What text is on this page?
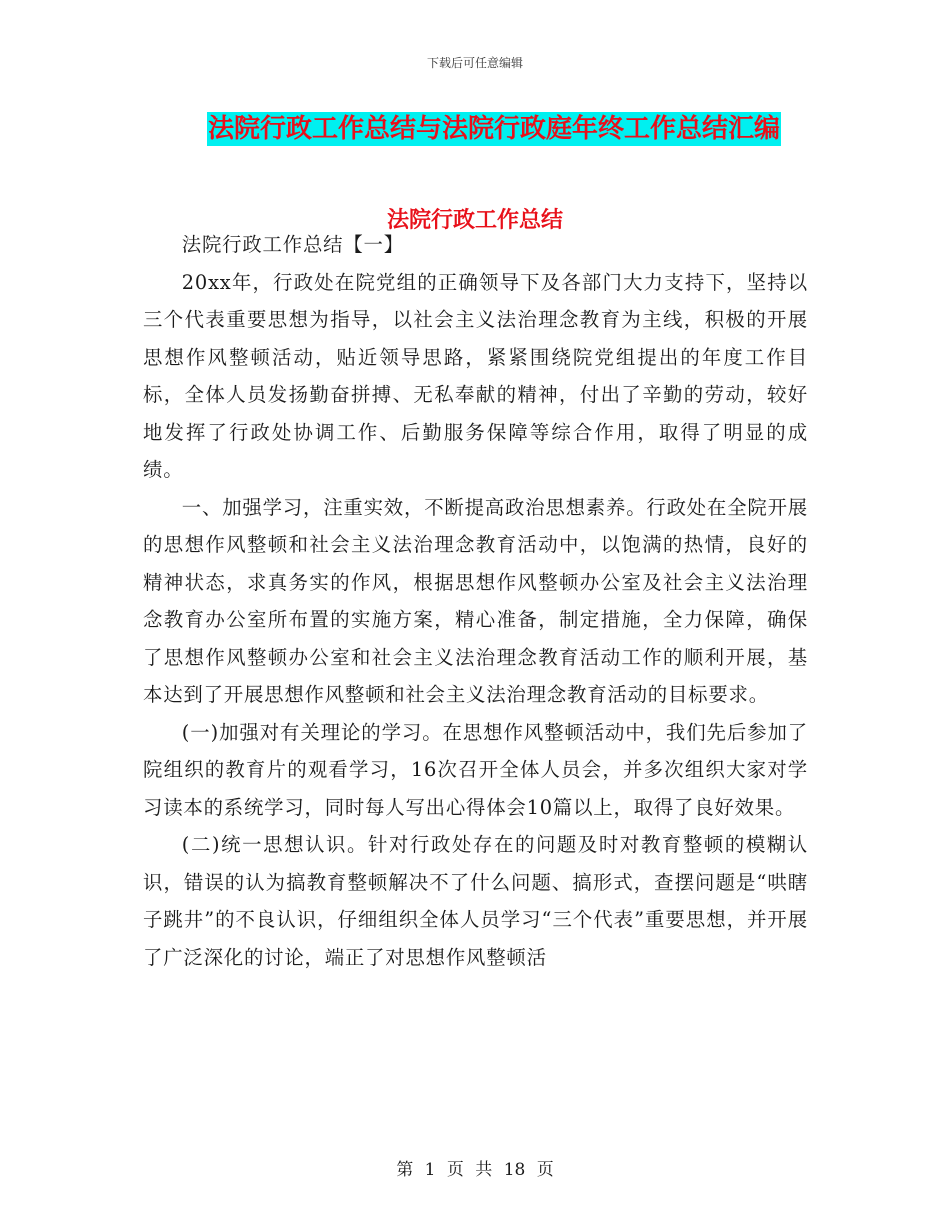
下载后可任意编辑
法院行政工作总结与法院行政庭年终工作总结汇编
法院行政工作总结

法院行政工作总结【一】

20xx年，行政处在院党组的正确领导下及各部门大力支持下，坚持以三个代表重要思想为指导，以社会主义法治理念教育为主线，积极的开展思想作风整顿活动，贴近领导思路，紧紧围绕院党组提出的年度工作目标，全体人员发扬勤奋拼搏、无私奉献的精神，付出了辛勤的劳动，较好地发挥了行政处协调工作、后勤服务保障等综合作用，取得了明显的成绩。

一、加强学习，注重实效，不断提高政治思想素养。行政处在全院开展的思想作风整顿和社会主义法治理念教育活动中，以饱满的热情，良好的精神状态，求真务实的作风，根据思想作风整顿办公室及社会主义法治理念教育办公室所布置的实施方案，精心准备，制定措施，全力保障，确保了思想作风整顿办公室和社会主义法治理念教育活动工作的顺利开展，基本达到了开展思想作风整顿和社会主义法治理念教育活动的目标要求。

(一)加强对有关理论的学习。在思想作风整顿活动中，我们先后参加了院组织的教育片的观看学习，16次召开全体人员会，并多次组织大家对学习读本的系统学习，同时每人写出心得体会10篇以上，取得了良好效果。

(二)统一思想认识。针对行政处存在的问题及时对教育整顿的模糊认识，错误的认为搞教育整顿解决不了什么问题、搞形式，查摆问题是“哄瞎子跳井”的不良认识，仔细组织全体人员学习“三个代表”重要思想，并开展了广泛深化的讨论，端正了对思想作风整顿活

第 1 页 共 18 页
